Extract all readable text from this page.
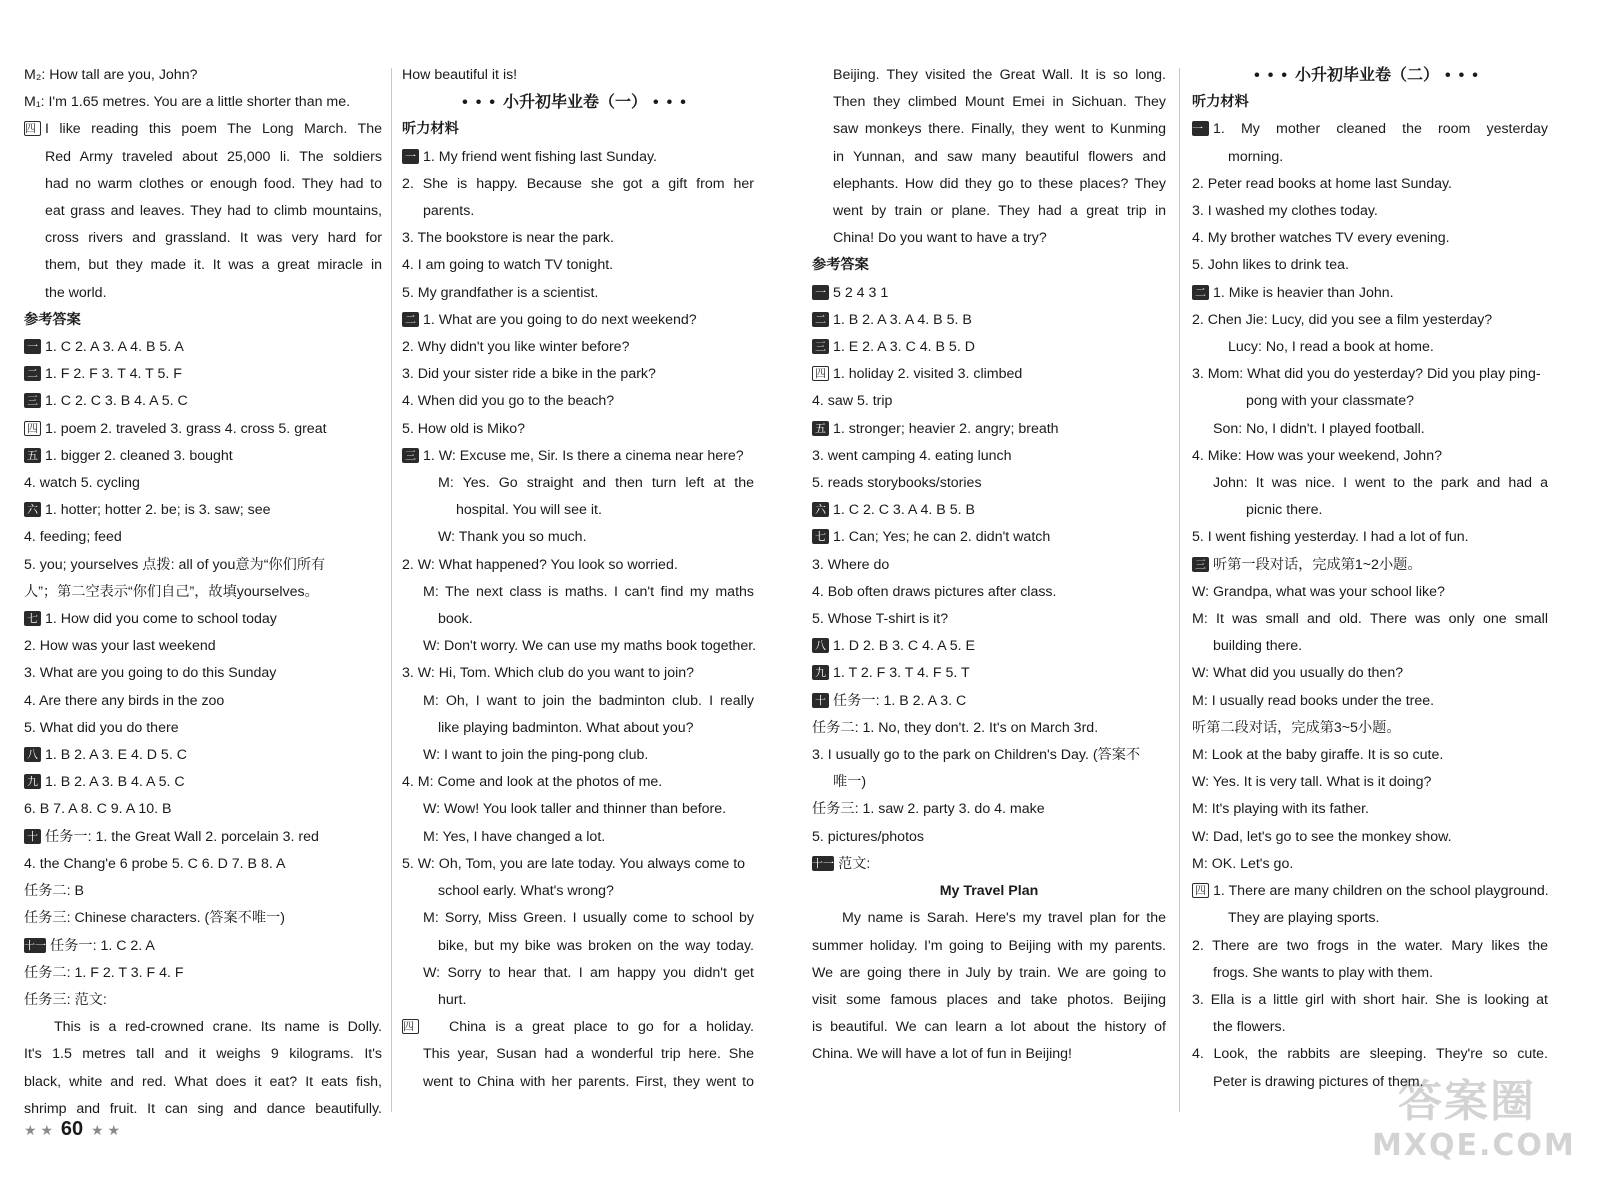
M₂: How tall are you, John?
M₁: I'm 1.65 metres. You are a little shorter than me.
四 I like reading this poem The Long March. The
Red Army traveled about 25,000 li. The soldiers
had no warm clothes or enough food. They had to
eat grass and leaves. They had to climb mountains,
cross rivers and grassland. It was very hard for
them, but they made it. It was a great miracle in
the world.
参考答案
一 1. C 2. A 3. A 4. B 5. A
二 1. F 2. F 3. T 4. T 5. F
三 1. C 2. C 3. B 4. A 5. C
四 1. poem 2. traveled 3. grass 4. cross 5. great
五 1. bigger 2. cleaned 3. bought
4. watch 5. cycling
六 1. hotter; hotter 2. be; is 3. saw; see
4. feeding; feed
5. you; yourselves 点拨: all of you意为“你们所有
人”；第二空表示“你们自己”，故填yourselves。
七 1. How did you come to school today
2. How was your last weekend
3. What are you going to do this Sunday
4. Are there any birds in the zoo
5. What did you do there
八 1. B 2. A 3. E 4. D 5. C
九 1. B 2. A 3. B 4. A 5. C
6. B 7. A 8. C 9. A 10. B
十 任务一: 1. the Great Wall 2. porcelain 3. red
4. the Chang'e 6 probe 5. C 6. D 7. B 8. A
任务二: B
任务三: Chinese characters. (答案不唯一)
十一 任务一: 1. C 2. A
任务二: 1. F 2. T 3. F 4. F
任务三: 范文:
This is a red-crowned crane. Its name is Dolly.
It's 1.5 metres tall and it weighs 9 kilograms. It's
black, white and red. What does it eat? It eats fish,
shrimp and fruit. It can sing and dance beautifully.
How beautiful it is!
•••小升初毕业卷（一） •••
听力材料
一 1. My friend went fishing last Sunday.
2. She is happy. Because she got a gift from her
parents.
3. The bookstore is near the park.
4. I am going to watch TV tonight.
5. My grandfather is a scientist.
二 1. What are you going to do next weekend?
2. Why didn't you like winter before?
3. Did your sister ride a bike in the park?
4. When did you go to the beach?
5. How old is Miko?
三 1. W: Excuse me, Sir. Is there a cinema near here?
M: Yes. Go straight and then turn left at the
hospital. You will see it.
W: Thank you so much.
2. W: What happened? You look so worried.
M: The next class is maths. I can't find my maths
book.
W: Don't worry. We can use my maths book together.
3. W: Hi, Tom. Which club do you want to join?
M: Oh, I want to join the badminton club. I really
like playing badminton. What about you?
W: I want to join the ping-pong club.
4. M: Come and look at the photos of me.
W: Wow! You look taller and thinner than before.
M: Yes, I have changed a lot.
5. W: Oh, Tom, you are late today. You always come to
school early. What's wrong?
M: Sorry, Miss Green. I usually come to school by
bike, but my bike was broken on the way today.
W: Sorry to hear that. I am happy you didn't get
hurt.
四 China is a great place to go for a holiday.
This year, Susan had a wonderful trip here. She
went to China with her parents. First, they went to
Beijing. They visited the Great Wall. It is so long.
Then they climbed Mount Emei in Sichuan. They
saw monkeys there. Finally, they went to Kunming
in Yunnan, and saw many beautiful flowers and
elephants. How did they go to these places? They
went by train or plane. They had a great trip in
China! Do you want to have a try?
参考答案
一 5 2 4 3 1
二 1. B 2. A 3. A 4. B 5. B
三 1. E 2. A 3. C 4. B 5. D
四 1. holiday 2. visited 3. climbed
4. saw 5. trip
五 1. stronger; heavier 2. angry; breath
3. went camping 4. eating lunch
5. reads storybooks/stories
六 1. C 2. C 3. A 4. B 5. B
七 1. Can; Yes; he can 2. didn't watch
3. Where do
4. Bob often draws pictures after class.
5. Whose T-shirt is it?
八 1. D 2. B 3. C 4. A 5. E
九 1. T 2. F 3. T 4. F 5. T
十 任务一: 1. B 2. A 3. C
任务二: 1. No, they don't. 2. It's on March 3rd.
3. I usually go to the park on Children's Day. (答案不
唯一)
任务三: 1. saw 2. party 3. do 4. make
5. pictures/photos
十一 范文:
My Travel Plan
My name is Sarah. Here's my travel plan for the
summer holiday. I'm going to Beijing with my parents.
We are going there in July by train. We are going to
visit some famous places and take photos. Beijing
is beautiful. We can learn a lot about the history of
China. We will have a lot of fun in Beijing!
•••小升初毕业卷（二） •••
听力材料
一 1. My mother cleaned the room yesterday
morning.
2. Peter read books at home last Sunday.
3. I washed my clothes today.
4. My brother watches TV every evening.
5. John likes to drink tea.
二 1. Mike is heavier than John.
2. Chen Jie: Lucy, did you see a film yesterday?
Lucy: No, I read a book at home.
3. Mom: What did you do yesterday? Did you play ping-
pong with your classmate?
Son: No, I didn't. I played football.
4. Mike: How was your weekend, John?
John: It was nice. I went to the park and had a
picnic there.
5. I went fishing yesterday. I had a lot of fun.
三 听第一段对话，完成第1~2小题。
W: Grandpa, what was your school like?
M: It was small and old. There was only one small
building there.
W: What did you usually do then?
M: I usually read books under the tree.
听第二段对话，完成第3~5小题。
M: Look at the baby giraffe. It is so cute.
W: Yes. It is very tall. What is it doing?
M: It's playing with its father.
W: Dad, let's go to see the monkey show.
M: OK. Let's go.
四 1. There are many children on the school playground.
They are playing sports.
2. There are two frogs in the water. Mary likes the
frogs. She wants to play with them.
3. Ella is a little girl with short hair. She is looking at
the flowers.
4. Look, the rabbits are sleeping. They're so cute.
Peter is drawing pictures of them.
★ ★ 60 ★ ★
答案圈
MXQE.COM
